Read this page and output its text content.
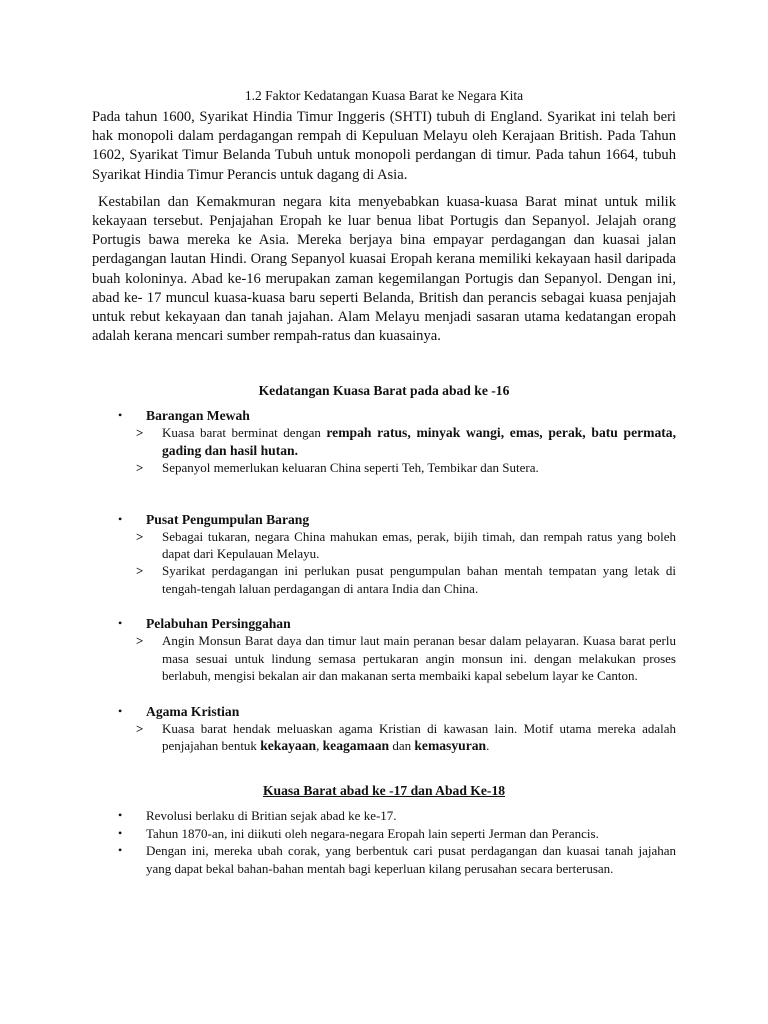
1.2 Faktor Kedatangan Kuasa Barat ke Negara Kita

Pada tahun 1600, Syarikat Hindia Timur Inggeris (SHTI) tubuh di England. Syarikat ini telah beri hak monopoli dalam perdagangan rempah di Kepuluan Melayu oleh Kerajaan British. Pada Tahun 1602, Syarikat Timur Belanda Tubuh untuk monopoli perdangan di timur. Pada tahun 1664, tubuh Syarikat Hindia Timur Perancis untuk dagang di Asia.

Kestabilan dan Kemakmuran negara kita menyebabkan kuasa-kuasa Barat minat untuk milik kekayaan tersebut. Penjajahan Eropah ke luar benua libat Portugis dan Sepanyol. Jelajah orang Portugis bawa mereka ke Asia. Mereka berjaya bina empayar perdagangan dan kuasai jalan perdagangan lautan Hindi. Orang Sepanyol kuasai Eropah kerana memiliki kekayaan hasil daripada buah koloninya. Abad ke-16 merupakan zaman kegemilangan Portugis dan Sepanyol. Dengan ini, abad ke- 17 muncul kuasa-kuasa baru seperti Belanda, British dan perancis sebagai kuasa penjajah untuk rebut kekayaan dan tanah jajahan. Alam Melayu menjadi sasaran utama kedatangan eropah adalah kerana mencari sumber rempah-ratus dan kuasainya.

Kedatangan Kuasa Barat pada abad ke -16
• Barangan Mewah
> Kuasa barat berminat dengan rempah ratus, minyak wangi, emas, perak, batu permata, gading dan hasil hutan.
> Sepanyol memerlukan keluaran China seperti Teh, Tembikar dan Sutera.
• Pusat Pengumpulan Barang
> Sebagai tukaran, negara China mahukan emas, perak, bijih timah, dan rempah ratus yang boleh dapat dari Kepulauan Melayu.
> Syarikat perdagangan ini perlukan pusat pengumpulan bahan mentah tempatan yang letak di tengah-tengah laluan perdagangan di antara India dan China.
• Pelabuhan Persinggahan
> Angin Monsun Barat daya dan timur laut main peranan besar dalam pelayaran. Kuasa barat perlu masa sesuai untuk lindung semasa pertukaran angin monsun ini. dengan melakukan proses berlabuh, mengisi bekalan air dan makanan serta membaiki kapal sebelum layar ke Canton.
• Agama Kristian
> Kuasa barat hendak meluaskan agama Kristian di kawasan lain. Motif utama mereka adalah penjajahan bentuk kekayaan, keagamaan dan kemasyuran.
Kuasa Barat abad ke -17 dan Abad Ke-18
• Revolusi berlaku di Britian sejak abad ke ke-17.
• Tahun 1870-an, ini diikuti oleh negara-negara Eropah lain seperti Jerman dan Perancis.
• Dengan ini, mereka ubah corak, yang berbentuk cari pusat perdagangan dan kuasai tanah jajahan yang dapat bekal bahan-bahan mentah bagi keperluan kilang perusahan secara berterusan.
